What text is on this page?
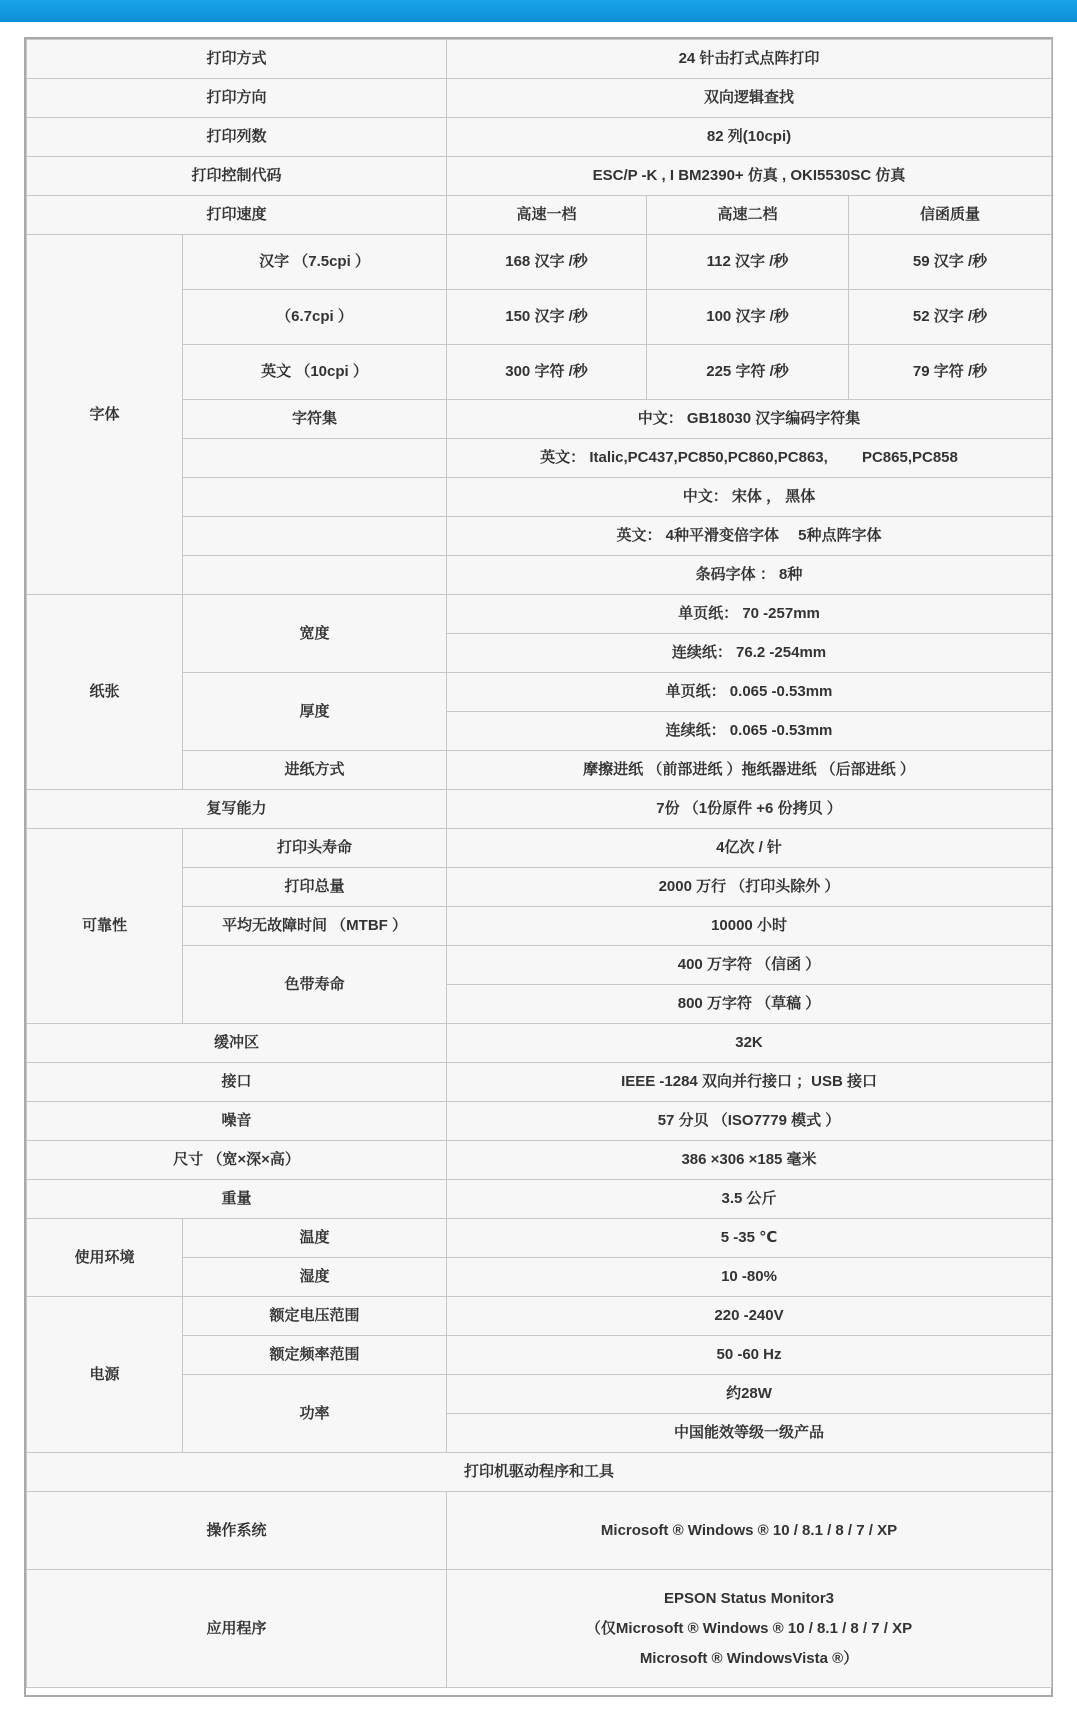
打印方式		24 针击打式点阵打印		
打印方向		双向逻辑查找		
打印列数		82 列(10cpi)		
打印控制代码		ESC/P -K , I BM2390+ 仿真 , OKI5530SC 仿真		
打印速度		高速一档	高速二档	信函质量
字体	汉字 （7.5cpi ）	168 汉字 /秒	112 汉字 /秒	59 汉字 /秒
	（6.7cpi ）	150 汉字 /秒	100 汉字 /秒	52 汉字 /秒
	英文 （10cpi ）	300 字符 /秒	225 字符 /秒	79 字符 /秒
	字符集	中文： GB18030 汉字编码字符集		
		英文： Italic,PC437,PC850,PC860,PC863, 　　PC865,PC858		
		中文： 宋体 ， 黑体		
		英文： 4种平滑变倍字体 　5种点阵字体		
		条码字体 ： 8种		
纸张	宽度	单页纸： 70 -257mm		
		连续纸： 76.2 -254mm		
	厚度	单页纸： 0.065 -0.53mm		
		连续纸： 0.065 -0.53mm		
	进纸方式	摩擦进纸 （前部进纸 ）拖纸器进纸 （后部进纸 ）		
复写能力		7份 （1份原件 +6 份拷贝 ）		
可靠性	打印头寿命	4亿次 / 针		
	打印总量	2000 万行 （打印头除外 ）		
	平均无故障时间 （MTBF ）	10000 小时		
	色带寿命	400 万字符 （信函 ）		
		800 万字符 （草稿 ）		
缓冲区		32K		
接口		IEEE -1284 双向并行接口 ；USB 接口		
噪音		57 分贝 （ISO7779 模式 ）		
尺寸 （宽×深×高）		386 ×306 ×185 毫米		
重量		3.5 公斤		
使用环境	温度	5 -35 ℃		
	湿度	10 -80%		
电源	额定电压范围	220 -240V		
	额定频率范围	50 -60 Hz		
	功率	约28W		
		中国能效等级一级产品		
打印机驱动程序和工具				
操作系统		Microsoft ® Windows ® 10 / 8.1 / 8 / 7 / XP		
应用程序		EPSON Status Monitor3
（仅Microsoft ® Windows ® 10 / 8.1 / 8 / 7 / XP
Microsoft ® WindowsVista ®）		
